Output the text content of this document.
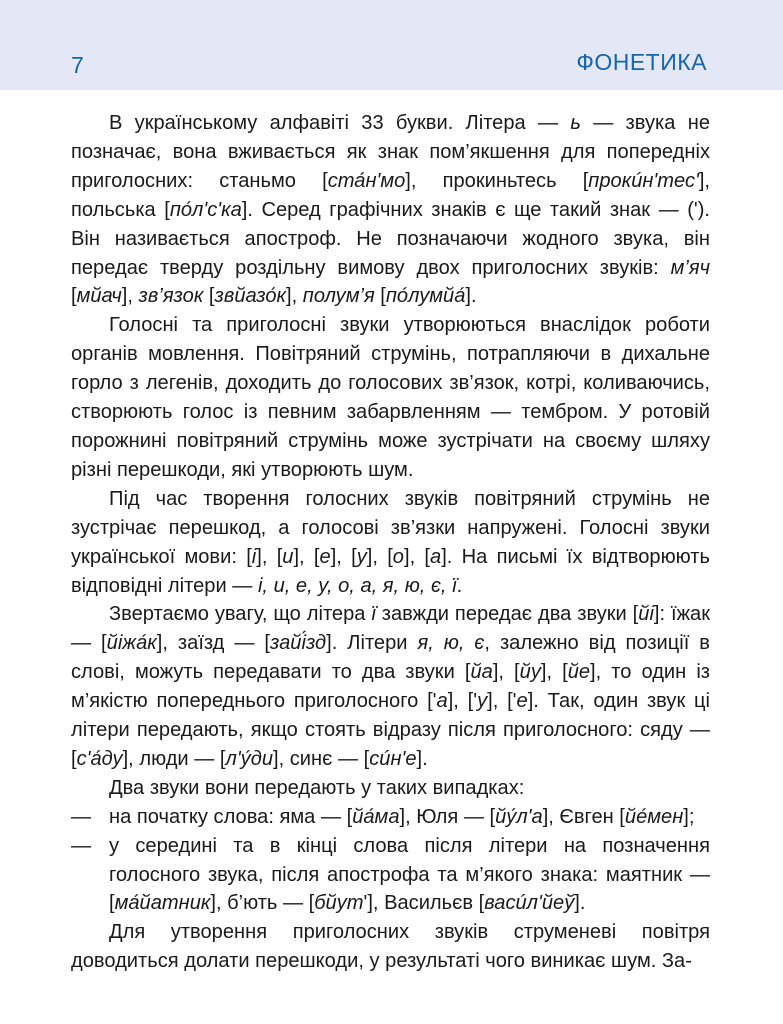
7	ФОНЕТИКА

В українському алфавіті 33 букви. Літера — ь — звука не позначає, вона вживається як знак пом’якшення для попередніх приголосних: станьмо [ста́н'мо], прокиньтесь [прокúн'тес'], польська [по́л'с'ка]. Серед графічних знаків є ще такий знак — ('). Він називається апостроф. Не позначаючи жодного звука, він передає тверду роздільну вимову двох приголосних звуків: м’яч [мйач], зв’язок [звйазо́к], полум’я [по́лумйа́].

Голосні та приголосні звуки утворюються внаслідок роботи органів мовлення. Повітряний струмінь, потрапляючи в дихальне горло з легенів, доходить до голосових зв’язок, котрі, коливаючись, створюють голос із певним забарвленням — тембром. У ротовій порожнині повітряний струмінь може зустрічати на своєму шляху різні перешкоди, які утворюють шум.

Під час творення голосних звуків повітряний струмінь не зустрічає перешкод, а голосові зв’язки напружені. Голосні звуки української мови: [і], [и], [е], [у], [о], [а]. На письмі їх відтворюють відповідні літери — і, и, е, у, о, а, я, ю, є, ї.

Звертаємо увагу, що літера ї завжди передає два звуки [йі]: їжак — [йіжа́к], заїзд — [зайі́зд]. Літери я, ю, є, залежно від позиції в слові, можуть передавати то два звуки [йа], [йу], [йе], то один із м’якістю попереднього приголосного ['а], ['у], ['е]. Так, один звук ці літери передають, якщо стоять відразу після приголосного: сяду — [с'а́ду], люди — [л'у́ди], синє — [сúн'е].

Два звуки вони передають у таких випадках:

— на початку слова: яма — [йа́ма], Юля — [йу́л'а], Євген [йе́мен];
— у середині та в кінці слова після літери на позначення голосного звука, після апострофа та м’якого знака: маятник — [ма́йатник], б’ють — [бйут'], Васильєв [васúл'йеў].

Для утворення приголосних звуків струменеві повітря доводиться долати перешкоди, у результаті чого виникає шум. За-
